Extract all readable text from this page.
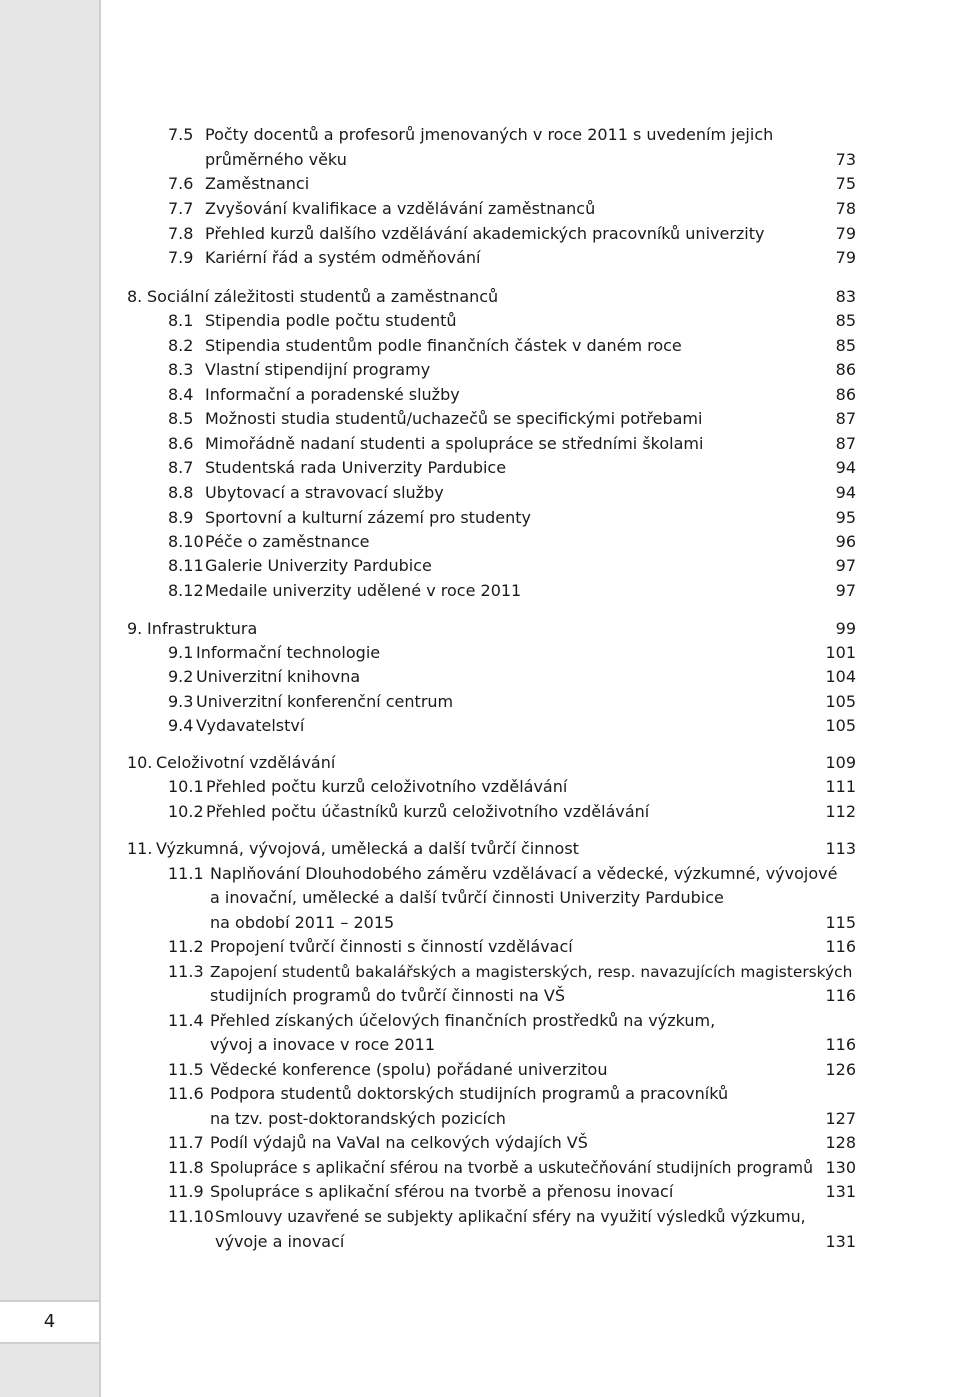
4
7.5 Počty docentů a profesorů jmenovaných v roce 2011 s uvedením jejich
průměrného věku	73
7.6 Zaměstnanci	75
7.7 Zvyšování kvalifikace a vzdělávání zaměstnanců	78
7.8 Přehled kurzů dalšího vzdělávání akademických pracovníků univerzity	79
7.9 Kariérní řád a systém odměňování	79
8. Sociální záležitosti studentů a zaměstnanců	83
8.1 Stipendia podle počtu studentů	85
8.2 Stipendia studentům podle finančních částek v daném roce	85
8.3 Vlastní stipendijní programy	86
8.4 Informační a poradenské služby	86
8.5 Možnosti studia studentů/uchazečů se specifickými potřebami	87
8.6 Mimořádně nadaní studenti a spolupráce se středními školami	87
8.7 Studentská rada Univerzity Pardubice	94
8.8 Ubytovací a stravovací služby	94
8.9 Sportovní a kulturní zázemí pro studenty	95
8.10 Péče o zaměstnance	96
8.11 Galerie Univerzity Pardubice	97
8.12 Medaile univerzity udělené v roce 2011	97
9. Infrastruktura	99
9.1 Informační technologie	101
9.2 Univerzitní knihovna	104
9.3 Univerzitní konferenční centrum	105
9.4 Vydavatelství	105
10. Celoživotní vzdělávání	109
10.1 Přehled počtu kurzů celoživotního vzdělávání	111
10.2 Přehled počtu účastníků kurzů celoživotního vzdělávání	112
11. Výzkumná, vývojová, umělecká a další tvůrčí činnost	113
11.1 Naplňování Dlouhodobého záměru vzdělávací a vědecké, výzkumné, vývojové
a inovační, umělecké a další tvůrčí činnosti Univerzity Pardubice
na období 2011 – 2015	115
11.2 Propojení tvůrčí činnosti s činností vzdělávací	116
11.3 Zapojení studentů bakalářských a magisterských, resp. navazujících magisterských
studijních programů do tvůrčí činnosti na VŠ	116
11.4 Přehled získaných účelových finančních prostředků na výzkum,
vývoj a inovace v roce 2011	116
11.5 Vědecké konference (spolu) pořádané univerzitou	126
11.6 Podpora studentů doktorských studijních programů a pracovníků
na tzv. post-doktorandských pozicích	127
11.7 Podíl výdajů na VaVaI na celkových výdajích VŠ	128
11.8 Spolupráce s aplikační sférou na tvorbě a uskutečňování studijních programů 130
11.9 Spolupráce s aplikační sférou na tvorbě a přenosu inovací	131
11.10 Smlouvy uzavřené se subjekty aplikační sféry na využití výsledků výzkumu,
vývoje a inovací	131
